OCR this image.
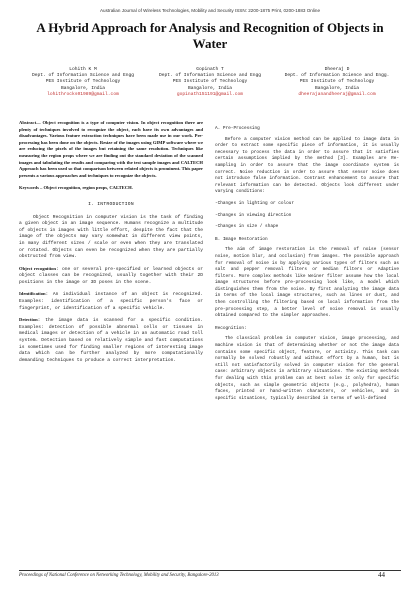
Australian Journal of Wireless Technologies, Mobility and Security ISSN: 2200-1875 Print, 0200-1883 Online
A Hybrid Approach for Analysis and Recognition of Objects in Water
Lohith K M
Dept. of Information Science and Engg
PES Institute of Technology
Bangalore, India
lohithrocks01989@gmail.com
Gopinath T
Dept. of Information Science and Engg
PES Institute of Technology
Bangalore, India
gopinath151191@gmail.com
Dheeraj D
Dept. of Information Science and Engg.
PES Institute of Technology
Bangalore, India
dheerajanandheeraj@gmail.com
Abstract— Object recognition is a type of computer vision. In object recognition there are plenty of techniques involved to recognize the object, each have its own advantages and disadvantages. Various feature extraction techniques have been made use in our work. Pre-processing has been done on the objects. Resize of the images using GIMP software where we are reducing the pixels of the images but retaining the same resolution. Techniques like measuring the region props where we are finding out the standard deviation of the scanned images and tabulating the results and comparing with the test sample images and CALTECH Approach has been used so that comparison between related objects is prominent. This paper presents a various approaches and techniques to recognize the objects.
Keywords – Object recognition, region props, CALTECH.
I. INTRODUCTION

Object Recognition in computer vision is the task of finding a given object in an image sequence. Humans recognize a multitude of objects in images with little effort, despite the fact that the image of the objects may vary somewhat in different view points, in many different sizes / scale or even when they are translated or rotated. Objects can even be recognized when they are partially obstructed from view.

Object recognition: one or several pre-specified or learned objects or object classes can be recognized, usually together with their 2D positions in the image or 3D poses in the scene.

Identification: An individual instance of an object is recognized. Examples: identification of a specific person's face or fingerprint, or identification of a specific vehicle.

Detection: the image data is scanned for a specific condition. Examples: detection of possible abnormal cells or tissues in medical images or detection of a vehicle in an automatic road toll system. Detection based on relatively simple and fast computations is sometimes used for finding smaller regions of interesting image data which can be further analyzed by more computationally demanding techniques to produce a correct interpretation.

A. Pre-Processing

Before a computer vision method can be applied to image data in order to extract some specific piece of information, it is usually necessary to process the data in order to assure that it satisfies certain assumptions implied by the method [3]. Examples are Re-sampling in order to assure that the image coordinate system is correct. Noise reduction in order to assure that sensor noise does not introduce false information. Contrast enhancement to assure that relevant information can be detected. Objects look different under varying conditions:

-Changes in lighting or colour

-Changes in viewing direction

-Changes in size / shape

B. Image Restoration

The aim of image restoration is the removal of noise (sensor noise, motion blur, and occlusion) from images. The possible approach for removal of noise is by applying various types of filters such as salt and pepper removal filters or median filters or Adaptive filters. More complex methods like Weiner filter assume how the local image structures before pre-processing look like, a model which distinguishes them from the noise. By first analyzing the image data in terms of the local image structures, such as lines or dust, and then controlling the filtering based on local information from the pre-processing step, a better level of noise removal is usually obtained compared to the simpler approaches.

Recognition:

The classical problem in computer vision, image processing, and machine vision is that of determining whether or not the image data contains some specific object, feature, or activity. This task can normally be solved robustly and without effort by a human, but is still not satisfactorily solved in computer vision for the general case: arbitrary objects in arbitrary situations. The existing methods for dealing with this problem can at best solve it only for specific objects, such as simple geometric objects (e.g., polyhedra), human faces, printed or hand-written characters, or vehicles, and in specific situations, typically described in terms of well-defined

Proceedings of National Conference on Networking Technology, Mobility and Security, Bangalore-2013	44
